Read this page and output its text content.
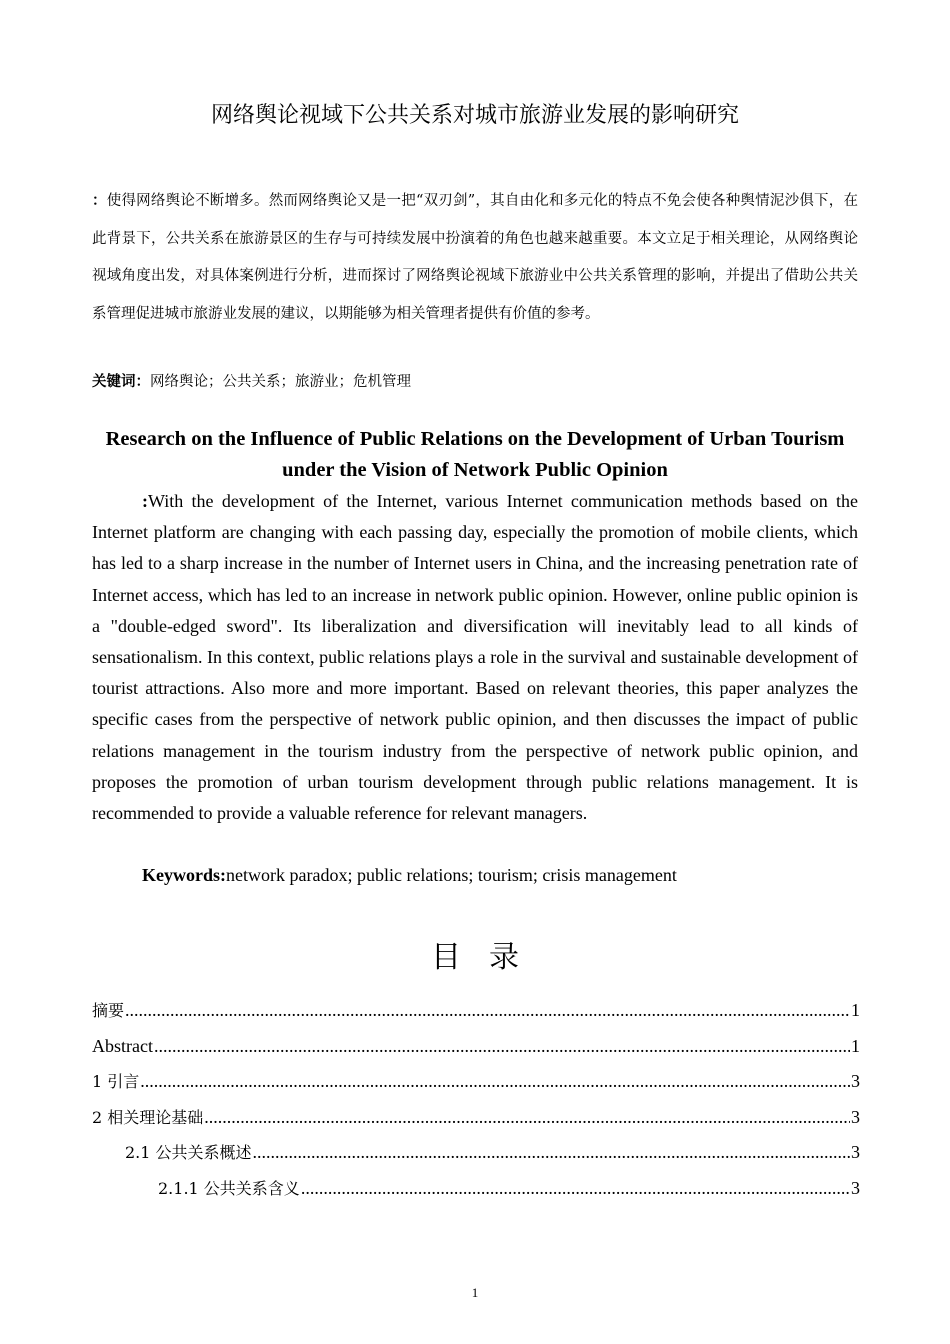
网络舆论视域下公共关系对城市旅游业发展的影响研究

：使得网络舆论不断增多。然而网络舆论又是一把“双刃剑”，其自由化和多元化的特点不免会使各种舆情泥沙俱下，在此背景下，公共关系在旅游景区的生存与可持续发展中扮演着的角色也越来越重要。本文立足于相关理论，从网络舆论视域角度出发，对具体案例进行分析，进而探讨了网络舆论视域下旅游业中公共关系管理的影响，并提出了借助公共关系管理促进城市旅游业发展的建议，以期能够为相关管理者提供有价值的参考。

关键词：网络舆论；公共关系；旅游业；危机管理
Research on the Influence of Public Relations on the Development of Urban Tourism under the Vision of Network Public Opinion

:With the development of the Internet, various Internet communication methods based on the Internet platform are changing with each passing day, especially the promotion of mobile clients, which has led to a sharp increase in the number of Internet users in China, and the increasing penetration rate of Internet access, which has led to an increase in network public opinion. However, online public opinion is a "double-edged sword". Its liberalization and diversification will inevitably lead to all kinds of sensationalism. In this context, public relations plays a role in the survival and sustainable development of tourist attractions. Also more and more important. Based on relevant theories, this paper analyzes the specific cases from the perspective of network public opinion, and then discusses the impact of public relations management in the tourism industry from the perspective of network public opinion, and proposes the promotion of urban tourism development through public relations management. It is recommended to provide a valuable reference for relevant managers.

Keywords:network paradox; public relations; tourism; crisis management
目录
摘要 .....	1
Abstract .....	1
1 引言 .....	3
2 相关理论基础 .....	3
2.1 公共关系概述 .....	3
2.1.1 公共关系含义 .....	3
1
